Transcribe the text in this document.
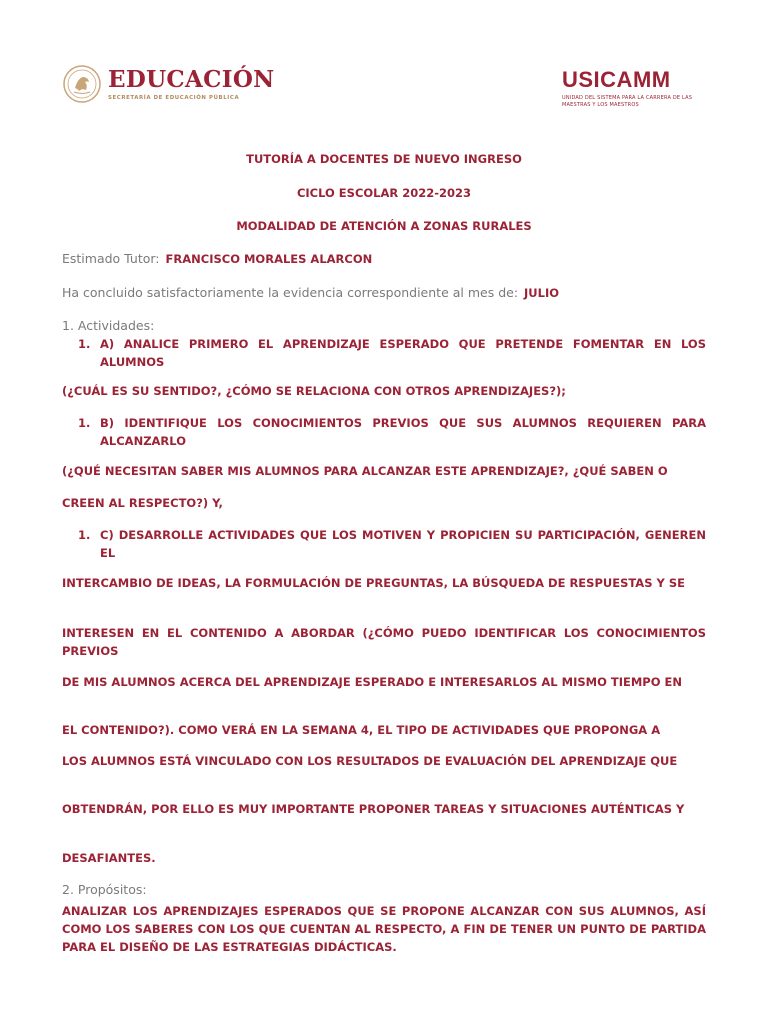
EDUCACIÓN
SECRETARÍA DE EDUCACIÓN PÚBLICA
USICAMM
UNIDAD DEL SISTEMA PARA LA CARRERA DE LAS MAESTRAS Y LOS MAESTROS
TUTORÍA A DOCENTES DE NUEVO INGRESO
CICLO ESCOLAR 2022-2023
MODALIDAD DE ATENCIÓN A ZONAS RURALES
Estimado Tutor: FRANCISCO MORALES ALARCON
Ha concluido satisfactoriamente la evidencia correspondiente al mes de: JULIO
1. Actividades:
1. A) ANALICE PRIMERO EL APRENDIZAJE ESPERADO QUE PRETENDE FOMENTAR EN LOS ALUMNOS
(¿CUÁL ES SU SENTIDO?, ¿CÓMO SE RELACIONA CON OTROS APRENDIZAJES?);
1. B) IDENTIFIQUE LOS CONOCIMIENTOS PREVIOS QUE SUS ALUMNOS REQUIEREN PARA ALCANZARLO
(¿QUÉ NECESITAN SABER MIS ALUMNOS PARA ALCANZAR ESTE APRENDIZAJE?, ¿QUÉ SABEN O
CREEN AL RESPECTO?) Y,
1. C) DESARROLLE ACTIVIDADES QUE LOS MOTIVEN Y PROPICIEN SU PARTICIPACIÓN, GENEREN EL
INTERCAMBIO DE IDEAS, LA FORMULACIÓN DE PREGUNTAS, LA BÚSQUEDA DE RESPUESTAS Y SE
INTERESEN EN EL CONTENIDO A ABORDAR (¿CÓMO PUEDO IDENTIFICAR LOS CONOCIMIENTOS PREVIOS
DE MIS ALUMNOS ACERCA DEL APRENDIZAJE ESPERADO E INTERESARLOS AL MISMO TIEMPO EN
EL CONTENIDO?). COMO VERÁ EN LA SEMANA 4, EL TIPO DE ACTIVIDADES QUE PROPONGA A
LOS ALUMNOS ESTÁ VINCULADO CON LOS RESULTADOS DE EVALUACIÓN DEL APRENDIZAJE QUE
OBTENDRÁN, POR ELLO ES MUY IMPORTANTE PROPONER TAREAS Y SITUACIONES AUTÉNTICAS Y
DESAFIANTES.
2. Propósitos:
ANALIZAR LOS APRENDIZAJES ESPERADOS QUE SE PROPONE ALCANZAR CON SUS ALUMNOS, ASÍ COMO LOS SABERES CON LOS QUE CUENTAN AL RESPECTO, A FIN DE TENER UN PUNTO DE PARTIDA PARA EL DISEÑO DE LAS ESTRATEGIAS DIDÁCTICAS.
